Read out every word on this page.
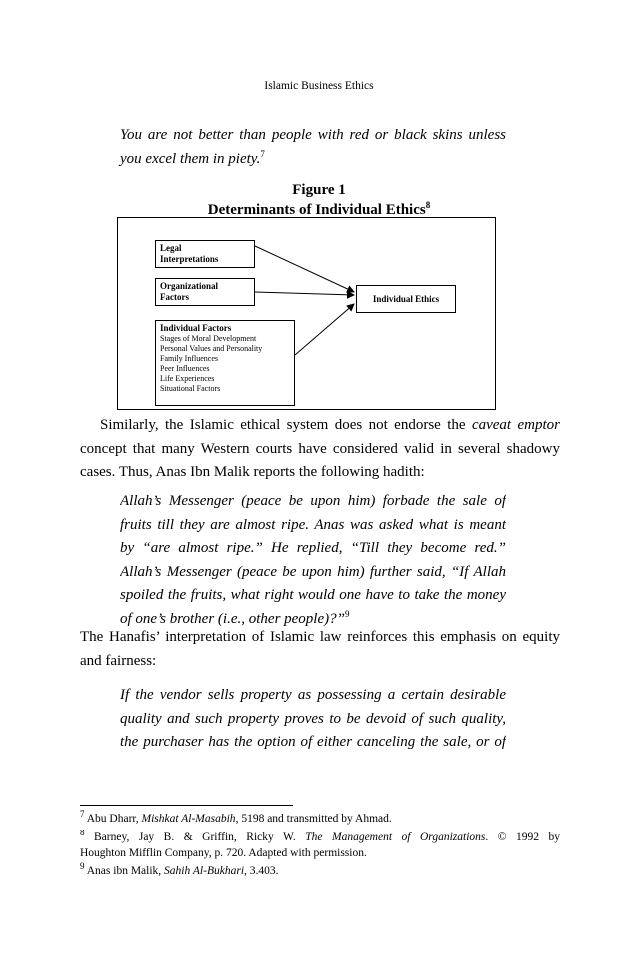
Islamic Business Ethics
You are not better than people with red or black skins unless
you excel them in piety.$^7$
Figure 1
Determinants of Individual Ethics$^8$
Legal
Interpretations
Organizational
Factors
Individual Factors
Stages of Moral Development
Personal Values and Personality
Family Influences
Peer Influences
Life Experiences
Situational Factors
Individual Ethics
Similarly, the Islamic ethical system does not endorse the caveat emptor
concept that many Western courts have considered valid in several shadowy
cases. Thus, Anas Ibn Malik reports the following hadith:
Allah’s Messenger (peace be upon him) forbade the sale of
fruits till they are almost ripe. Anas was asked what is meant
by “are almost ripe.” He replied, “Till they become red.”
Allah’s Messenger (peace be upon him) further said, “If Allah
spoiled the fruits, what right would one have to take the money
of one’s brother (i.e., other people)?”$^9$
The Hanafis’ interpretation of Islamic law reinforces this emphasis on equity
and fairness:
If the vendor sells property as possessing a certain desirable
quality and such property proves to be devoid of such quality,
the purchaser has the option of either canceling the sale, or of
$^7$ Abu Dharr, Mishkat Al-Masabih, 5198 and transmitted by Ahmad.
$^8$ Barney, Jay B. & Griffin, Ricky W. The Management of Organizations. © 1992 by
Houghton Mifflin Company, p. 720. Adapted with permission.
$^9$ Anas ibn Malik, Sahih Al-Bukhari, 3.403.
